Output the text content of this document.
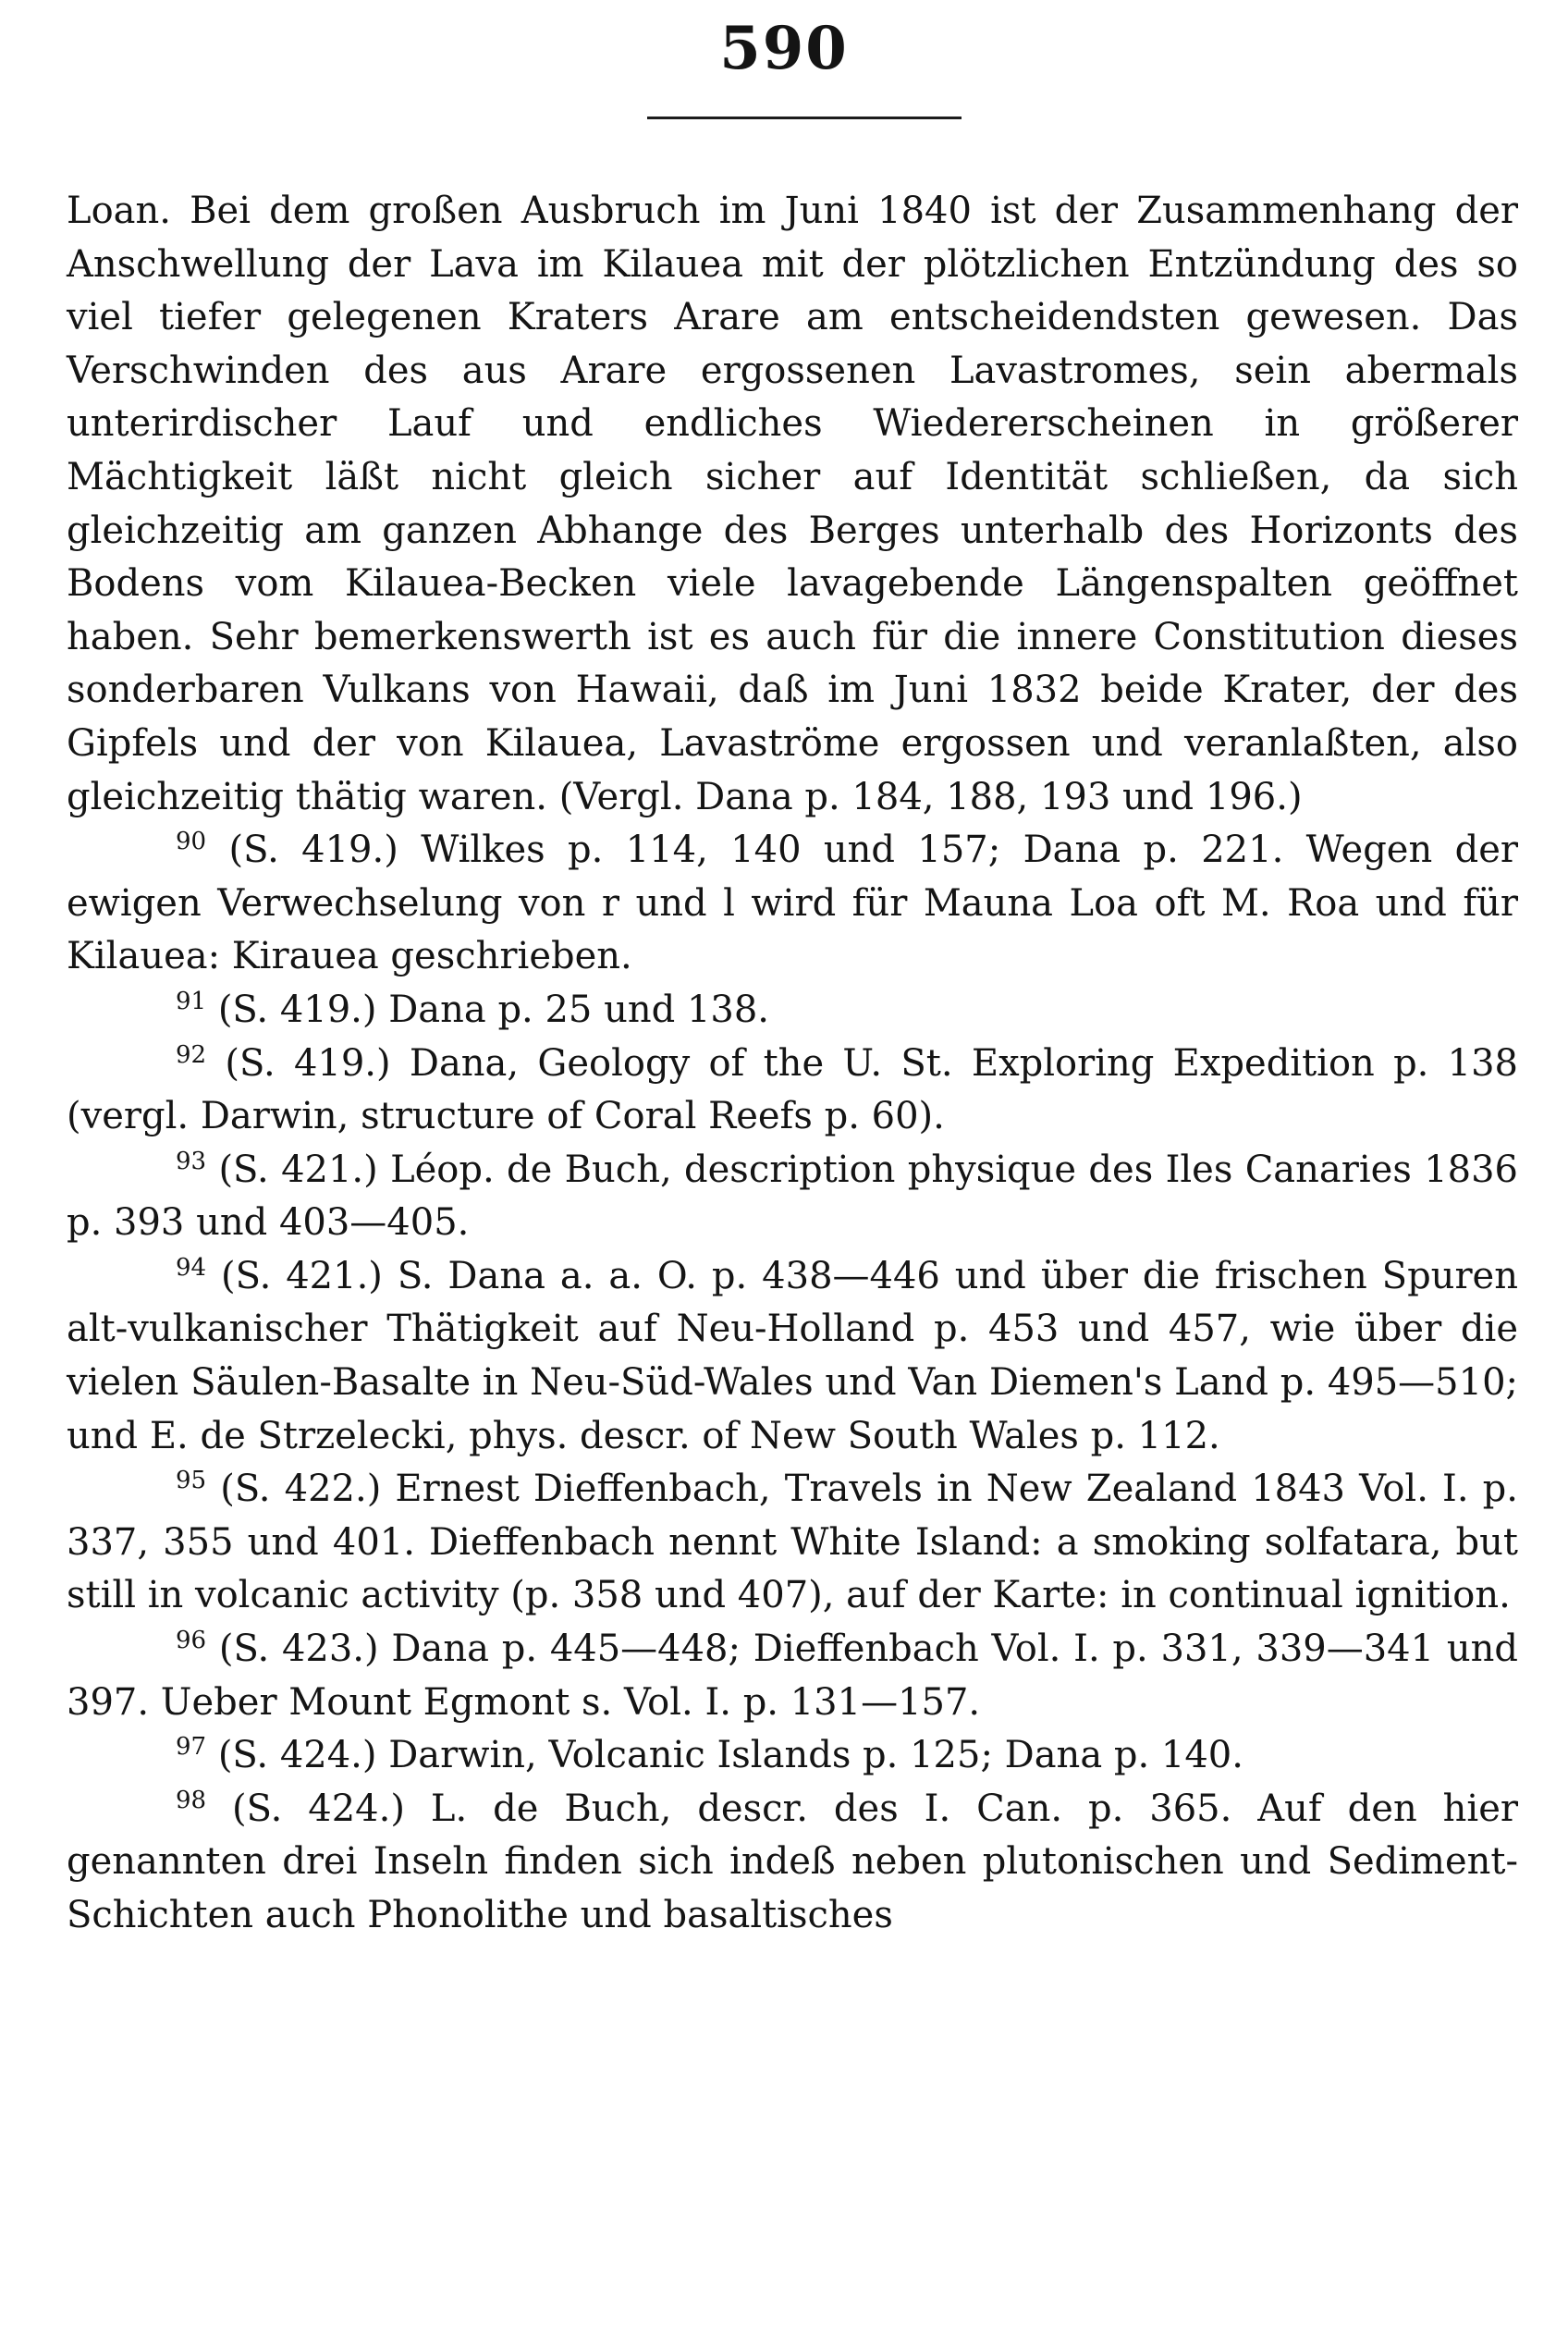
590

Loan. Bei dem großen Ausbruch im Juni 1840 ist der Zusammenhang der Anschwellung der Lava im Kilauea mit der plötzlichen Entzündung des so viel tiefer gelegenen Kraters Arare am entscheidendsten gewesen. Das Verschwinden des aus Arare ergossenen Lavastromes, sein abermals unterirdischer Lauf und endliches Wiedererscheinen in größerer Mächtigkeit läßt nicht gleich sicher auf Identität schließen, da sich gleichzeitig am ganzen Abhange des Berges unterhalb des Horizonts des Bodens vom Kilauea-Becken viele lavagebende Längenspalten geöffnet haben. Sehr bemerkenswerth ist es auch für die innere Constitution dieses sonderbaren Vulkans von Hawaii, daß im Juni 1832 beide Krater, der des Gipfels und der von Kilauea, Lavaströme ergossen und veranlaßten, also gleichzeitig thätig waren. (Vergl. Dana p. 184, 188, 193 und 196.)

$^{90}$ (S. 419.) Wilkes p. 114, 140 und 157; Dana p. 221. Wegen der ewigen Verwechselung von r und l wird für Mauna Loa oft M. Roa und für Kilauea: Kirauea geschrieben.

$^{91}$ (S. 419.) Dana p. 25 und 138.

$^{92}$ (S. 419.) Dana, Geology of the U. St. Exploring Expedition p. 138 (vergl. Darwin, structure of Coral Reefs p. 60).

$^{93}$ (S. 421.) Léop. de Buch, description physique des Iles Canaries 1836 p. 393 und 403—405.

$^{94}$ (S. 421.) S. Dana a. a. O. p. 438—446 und über die frischen Spuren alt-vulkanischer Thätigkeit auf Neu-Holland p. 453 und 457, wie über die vielen Säulen-Basalte in Neu-Süd-Wales und Van Diemen's Land p. 495—510; und E. de Strzelecki, phys. descr. of New South Wales p. 112.

$^{95}$ (S. 422.) Ernest Dieffenbach, Travels in New Zealand 1843 Vol. I. p. 337, 355 und 401. Dieffenbach nennt White Island: a smoking solfatara, but still in volcanic activity (p. 358 und 407), auf der Karte: in continual ignition.

$^{96}$ (S. 423.) Dana p. 445—448; Dieffenbach Vol. I. p. 331, 339—341 und 397. Ueber Mount Egmont s. Vol. I. p. 131—157.

$^{97}$ (S. 424.) Darwin, Volcanic Islands p. 125; Dana p. 140.

$^{98}$ (S. 424.) L. de Buch, descr. des I. Can. p. 365. Auf den hier genannten drei Inseln finden sich indeß neben plutonischen und Sediment-Schichten auch Phonolithe und basaltisches
